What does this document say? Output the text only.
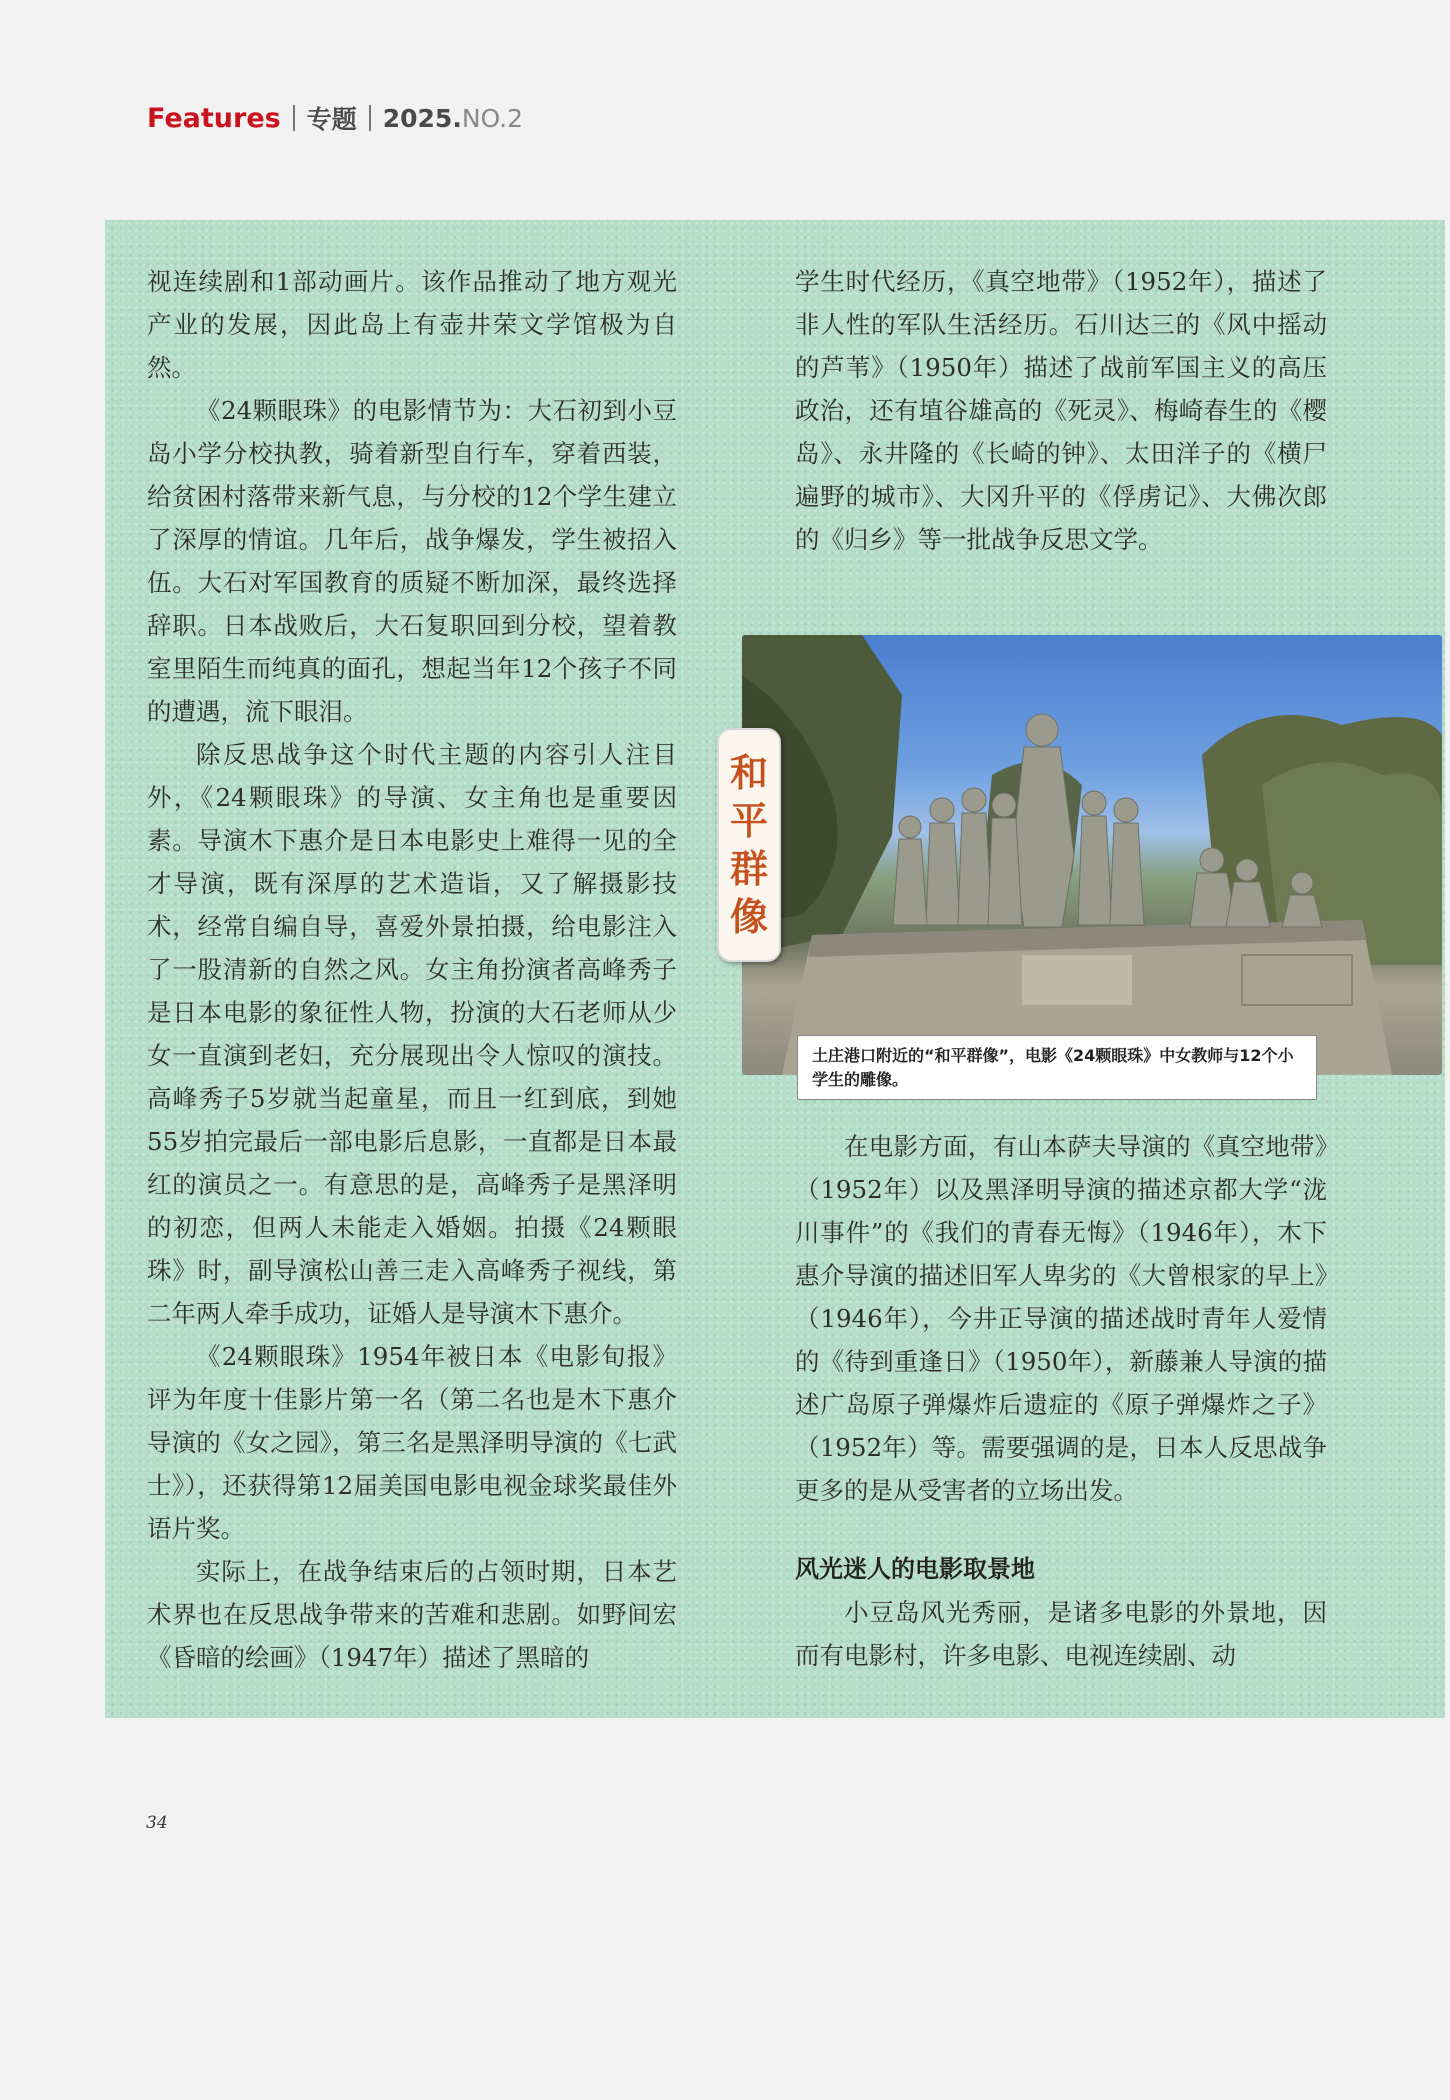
Features 专题 2025. NO.2

视连续剧和1部动画片。该作品推动了地方观光产业的发展，因此岛上有壶井荣文学馆极为自然。

《24颗眼珠》的电影情节为：大石初到小豆岛小学分校执教，骑着新型自行车，穿着西装，给贫困村落带来新气息，与分校的12个学生建立了深厚的情谊。几年后，战争爆发，学生被招入伍。大石对军国教育的质疑不断加深，最终选择辞职。日本战败后，大石复职回到分校，望着教室里陌生而纯真的面孔，想起当年12个孩子不同的遭遇，流下眼泪。

除反思战争这个时代主题的内容引人注目外，《24颗眼珠》的导演、女主角也是重要因素。导演木下惠介是日本电影史上难得一见的全才导演，既有深厚的艺术造诣，又了解摄影技术，经常自编自导，喜爱外景拍摄，给电影注入了一股清新的自然之风。女主角扮演者高峰秀子是日本电影的象征性人物，扮演的大石老师从少女一直演到老妇，充分展现出令人惊叹的演技。高峰秀子5岁就当起童星，而且一红到底，到她55岁拍完最后一部电影后息影，一直都是日本最红的演员之一。有意思的是，高峰秀子是黑泽明的初恋，但两人未能走入婚姻。拍摄《24颗眼珠》时，副导演松山善三走入高峰秀子视线，第二年两人牵手成功，证婚人是导演木下惠介。

《24颗眼珠》1954年被日本《电影旬报》评为年度十佳影片第一名（第二名也是木下惠介导演的《女之园》，第三名是黑泽明导演的《七武士》），还获得第12届美国电影电视金球奖最佳外语片奖。

实际上，在战争结束后的占领时期，日本艺术界也在反思战争带来的苦难和悲剧。如野间宏《昏暗的绘画》（1947年）描述了黑暗的

学生时代经历，《真空地带》（1952年），描述了非人性的军队生活经历。石川达三的《风中摇动的芦苇》（1950年）描述了战前军国主义的高压政治，还有埴谷雄高的《死灵》、梅崎春生的《樱岛》、永井隆的《长崎的钟》、太田洋子的《横尸遍野的城市》、大冈升平的《俘虏记》、大佛次郎的《归乡》等一批战争反思文学。

土庄港口附近的“和平群像”，电影《24颗眼珠》中女教师与12个小学生的雕像。
和
平
群
像

在电影方面，有山本萨夫导演的《真空地带》（1952年）以及黑泽明导演的描述京都大学“泷川事件”的《我们的青春无悔》（1946年），木下惠介导演的描述旧军人卑劣的《大曾根家的早上》（1946年），今井正导演的描述战时青年人爱情的《待到重逢日》（1950年），新藤兼人导演的描述广岛原子弹爆炸后遗症的《原子弹爆炸之子》（1952年）等。需要强调的是，日本人反思战争更多的是从受害者的立场出发。

风光迷人的电影取景地

小豆岛风光秀丽，是诸多电影的外景地，因而有电影村，许多电影、电视连续剧、动

34
